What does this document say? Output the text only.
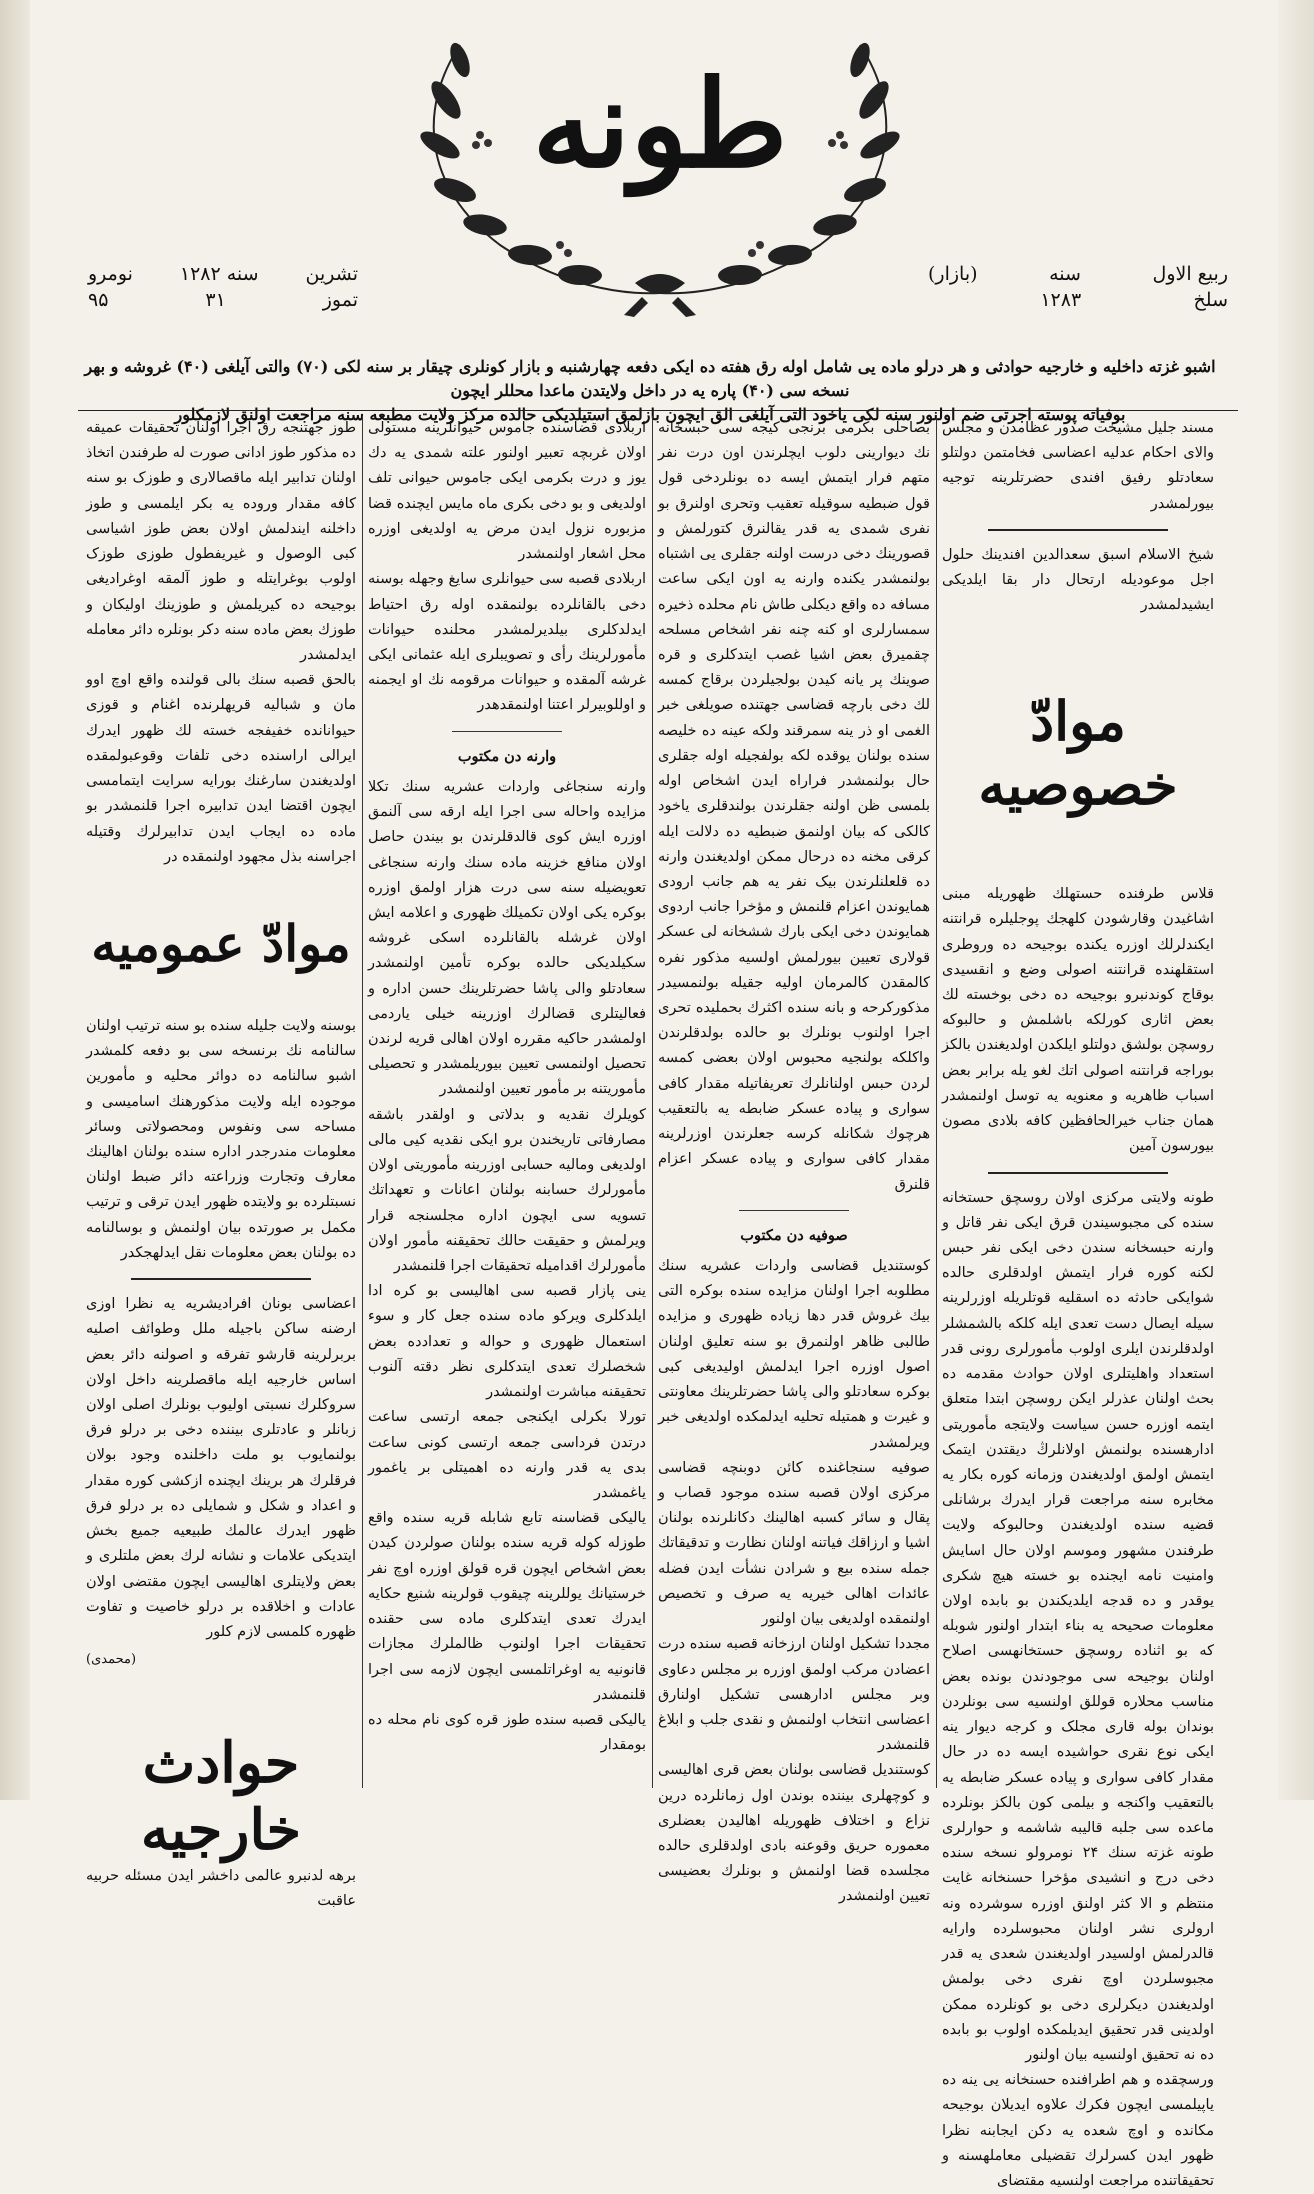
طونه
تشرین
سنه ۱۲۸۲
نومرو
تموز
۳۱
۹۵
ربیع الاول
سنه
(بازار)
سلخ
۱۲۸۳
اشبو غزته داخلیه و خارجیه حوادثی و هر درلو ماده یی شامل اوله رق هفته ده ایکی دفعه چهارشنبه و بازار کونلری چیقار بر سنه لکی (۷۰) والتی آیلغی (۴۰) غروشه و بهر نسخه سی (۴۰) پاره یه در داخل ولایتدن ماعدا محللر ایچون
بوفیاته پوسته اجرتی ضم اولنور سنه لکی یاخود التی آیلغی الق ایچون بازلمق استیلدیکی حالده مرکز ولایت مطبعه سنه مراجعت اولنق لازمکلور

مسند جلیل مشیخت صدور عظامدن و مجلس والای احکام عدلیه اعضاسی فخامتمن دولتلو سعادتلو رفیق افندی حضرتلرینه توجیه بیورلمشدر

شیخ الاسلام اسبق سعدالدین افندینك حلول اجل موعودیله ارتحال دار بقا ایلدیکی ایشیدلمشدر

موادّ خصوصیه

قلاس طرفنده حستهلك ظهوریله مبنی اشاغیدن وقارشودن کلهجك پوجلیلره قرانتنه ایکندلرلك اوزره یکنده بوجیحه ده وروطری استقلهنده قرانتنه اصولی وضع و انقسیدی بوقاج کوندنبرو بوجیحه ده دخی بوخسته لك بعض اثاری کورلکه باشلمش و حالبوکه روسچن بولشق دولتلو ایلکدن اولدیغندن بالکز بوراجه قرانتنه اصولی اتك لغو یله برابر بعض اسباب ظاهریه و معنویه یه توسل اولنمشدر همان جناب خیرالحافظین کافه بلادی مصون بیورسون آمین

طونه ولایتی مرکزی اولان روسچق حستخانه سنده کی مجبوسیندن قرق ایکی نفر قاتل و وارنه حبسخانه سندن دخی ایکی نفر حبس لکنه کوره فرار ایتمش اولدقلری حالده شوایکی حادثه ده اسقلیه قوتلریله اوزرلرینه سیله ایصال دست تعدی ایله کلکه بالشمشلر اولدقلرندن ایلری اولوب مأمورلری رونی قدر استعداد واهلیتلری اولان حوادث مقدمه ده بحث اولنان عذرلر ایکن روسچن ابتدا متعلق ایتمه اوزره حسن سیاست ولایتجه مأموریتی ادارهسنده بولنمش اولانلرڭ دیقتدن ایتمک ایتمش اولمق اولدیغندن وزمانه کوره بکار یه مخابره سنه مراجعت قرار ایدرك برشانلی قضیه سنده اولدیغندن وحالبوکه ولایت طرفندن مشهور وموسم اولان حال اسایش وامنیت نامه ایجنده بو خسته هیچ شکری یوقدر و ده قدجه ایلدیکندن بو بابده اولان معلومات صحیحه یه بناء ابتدار اولنور شوبله که بو اثناده روسچق حستخانهسی اصلاح اولنان بوجیحه سی موجودندن بونده بعض مناسب محلاره قوللق اولنسیه سی بونلردن بوندان بوله قاری مجلک و کرجه دیوار ینه ایکی نوع نقری حواشیده ایسه ده در حال مقدار کافی سواری و پیاده عسکر ضابطه یه بالتعقیب واکنجه و بیلمی کون بالکز بونلرده ماعده سی جلبه قالیبه شاشمه و حوارلری طونه غزته سنك ۲۴ نومرولو نسخه سنده دخی درج و انشیدی مؤخرا حسنخانه غایت منتظم و الا کثر اولنق اوزره سوشرده ونه ارولری نشر اولنان محبوسلرده وارایه قالدرلمش اولسیدر اولدیغندن شعدی یه قدر مجبوسلردن اوچ نفری دخی بولمش اولدیغندن دیکرلری دخی بو کونلرده ممکن اولدینی قدر تحقیق ایدیلمکده اولوب بو بابده ده نه تحقیق اولنسیه بیان اولنور

ورسچقده و هم اطرافنده حسنخانه یی ینه ده یاپیلمسی ایچون فکرك علاوه ایدیلان بوجیحه مکانده و اوچ شعده یه دکن ایجابنه نظرا ظهور ایدن کسرلرك تقضیلی معاملهسنه و تحقیقاتنده مراجعت اولنسیه مقتضای

بصاحلی بکرمی برنجی کیجه سی حبسخانه نك دیوارینی دلوب ایچلرندن اون درت نفر متهم فرار ایتمش ایسه ده بونلردخی قول قول ضبطیه سوقیله تعقیب وتحری اولنرق بو نفری شمدی یه قدر یقالنرق کتورلمش و قصورینك دخی درست اولنه جقلری یی اشتباه بولنمشدر یکنده وارنه یه اون ایکی ساعت مسافه ده واقع دیکلی طاش نام محلده ذخیره سمسارلری او کنه چنه نفر اشخاص مسلحه چقمیرق بعض اشیا غصب ایتدکلری و قره صوینك پر یانه کیدن بولجیلردن برقاج کمسه لك دخی بارچه قضاسی جهتنده صویلغی خبر الغمی او ذر ینه سمرقند ولکه عینه ده خلیصه سنده بولنان یوقده لکه بولفجیله اوله جقلری حال بولنمشدر فراراه ایدن اشخاص اوله بلمسی ظن اولنه جقلرندن بولندقلری یاخود کالکی که بیان اولنمق ضبطیه ده دلالت ایله کرقی مخنه ده درحال ممکن اولدیغندن وارنه ده قلعلنلرندن بیک نفر یه هم جانب ارودی همایوندن اعزام قلنمش و مؤخرا جانب اردوی همایوندن دخی ایکی بارك ششخانه لی عسکر قولاری تعیین بیورلمش اولسیه مذکور نفره کالمقدن کالمرمان اولیه جقیله بولنمسیدر مذکورکرحه و بانه سنده اکثرك بحملیده تحری اجرا اولنوب بونلرك بو حالده بولدقلرندن واکلکه بولنجیه محبوس اولان بعضی کمسه لردن حبس اولنانلرك تعریفاتیله مقدار کافی سواری و پیاده عسکر ضابطه یه بالتعقیب هرچوك شکانله کرسه جعلرندن اوزرلرینه مقدار کافی سواری و پیاده عسکر اعزام قلنرق

صوفیه دن مکتوب

کوستندیل قضاسی واردات عشریه سنك مطلوبه اجرا اولنان مزایده سنده بوکره التی بیك غروش قدر دها زیاده ظهوری و مزایده طالبی ظاهر اولنمرق بو سنه تعلیق اولنان اصول اوزره اجرا ایدلمش اولیدیغی کبی بوکره سعادتلو والی پاشا حضرتلرینك معاونتی و غیرت و همتیله تحلیه ایدلمکده اولدیغی خبر ویرلمشدر

صوفیه سنجاغنده کائن دوبنچه قضاسی مرکزی اولان قصبه سنده موجود قصاب و پقال و سائر کسبه اهالینك دکانلرنده بولنان اشیا و ارزاقك فیاتنه اولنان نظارت و تدقیقاتك جمله سنده بیع و شرادن نشأت ایدن فضله عائدات اهالی خیریه یه صرف و تخصیص اولنمقده اولدیغی بیان اولنور

مجددا تشکیل اولنان ارزخانه قصبه سنده درت اعضادن مرکب اولمق اوزره بر مجلس دعاوی وبر مجلس ادارهسی تشکیل اولنارق اعضاسی انتخاب اولنمش و نقدی جلب و ابلاغ قلنمشدر

کوستندیل قضاسی بولنان بعض قری اهالیسی و کوچهلری بیننده بوندن اول زمانلرده درین نزاع و اختلاف ظهوریله اهالیدن بعضلری معموره حریق وقوعنه بادی اولدقلری حالده مجلسده قضا اولنمش و بونلرك بعضیسی تعیین اولنمشدر

اربلادی قضاسنده جاموس حیوانلرینه مستولی اولان غربچه تعبیر اولنور علته شمدی یه دك یوز و درت بکرمی ایکی جاموس حیوانی تلف اولدیغی و بو دخی بکری ماه مایس ایچنده قضا مزبوره نزول ایدن مرض یه اولدیغی اوزره محل اشعار اولنمشدر

اربلادی قصبه سی حیوانلری سایغ وجهله بوسنه دخی بالقانلرده بولنمقده اوله رق احتیاط ایدلدکلری بیلدیرلمشدر محلنده حیوانات مأمورلرینك رأی و تصویبلری ایله عثمانی ایکی غرشه آلمقده و حیوانات مرقومه نك او ایجمنه و اوللوبیرلر اعتنا اولنمقدهدر

وارنه دن مکتوب

وارنه سنجاغی واردات عشریه سنك تکلا مزایده واحاله سی اجرا ایله ارقه سی آلنمق اوزره ایش کوی قالدقلرندن بو بیندن حاصل اولان منافع خزینه ماده سنك وارنه سنجاغی تعویضیله سنه سی درت هزار اولمق اوزره بوکره یکی اولان تکمیلك ظهوری و اعلامه ایش اولان غرشله بالقانلرده اسکی غروشه سکیلدیکی حالده بوکره تأمین اولنمشدر سعادتلو والی پاشا حضرتلرینك حسن اداره و فعالیتلری قضالرك اوزرینه خیلی یاردمی اولمشدر حاکیه مقرره اولان اهالی قریه لرندن تحصیل اولنمسی تعیین بیوریلمشدر و تحصیلی مأموریتنه بر مأمور تعیین اولنمشدر

کویلرك نقدیه و بدلاتی و اولقدر باشقه مصارفاتی تاریخندن برو ایکی نقدیه کیی مالی اولدیغی ومالیه حسابی اوزرینه مأموریتی اولان مأمورلرك حسابنه بولنان اعانات و تعهداتك تسویه سی ایچون اداره مجلسنجه قرار ویرلمش و حقیقت حالك تحقیقنه مأمور اولان مأمورلرك اقدامیله تحقیقات اجرا قلنمشدر

ینی پازار قصبه سی اهالیسی بو کره ادا ایلدکلری ویرکو ماده سنده جعل کار و سوء استعمال ظهوری و حواله و تعدادده بعض شخصلرك تعدی ایتدکلری نظر دقته آلنوب تحقیقنه مباشرت اولنمشدر

تورلا بکرلی ایکنجی جمعه ارتسی ساعت درتدن فرداسی جمعه ارتسی کونی ساعت بدی یه قدر وارنه ده اهمیتلی بر یاغمور یاغمشدر

یالیکی قضاسنه تابع شابله قریه سنده واقع طوزله کوله قریه سنده بولنان صولردن کیدن بعض اشخاص ایچون قره قولق اوزره اوچ نفر خرستیانك یوللرینه چیقوب قولرینه شنیع حکایه ایدرك تعدی ایتدکلری ماده سی حقنده تحقیقات اجرا اولنوب ظالملرك مجازات قانونیه یه اوغراتلمسی ایچون لازمه سی اجرا قلنمشدر

یالیکی قصبه سنده طوز قره کوی نام محله ده بومقدار

طوز جهتنجه رق اجرا اولنان تحقیقات عمیقه ده مذکور طوز ادانی صورت له طرفندن اتخاذ اولنان تدابیر ایله ماقصالاری و طوزک بو سنه کافه مقدار وروده یه بکر ایلمسی و طوز داخلنه ایندلمش اولان بعض طوز اشیاسی کبی الوصول و غیریفطول طوزی طوزک اولوب بوغرایتله و طوز آلمقه اوغرادیغی بوجیحه ده کیریلمش و طوزینك اولیکان و طوزك بعض ماده سنه دکر بونلره دائر معامله ایدلمشدر

بالحق قصبه سنك بالی قولنده واقع اوچ اوو مان و شبالیه قریهلرنده اغنام و قوزی حیوانانده خفیفجه خسته لك ظهور ایدرك ایرالی اراسنده دخی تلفات وقوعبولمقده اولدیغندن سارغنك بورایه سرایت ایتمامسی ایچون اقتضا ایدن تدابیره اجرا قلنمشدر بو ماده ده ایجاب ایدن تدابیرلرك وقتیله اجراسنه بذل مجهود اولنمقده در

موادّ عمومیه

بوسنه ولایت جلیله سنده بو سنه ترتیب اولنان سالنامه نك برنسخه سی بو دفعه کلمشدر اشبو سالنامه ده دوائر محلیه و مأمورین موجوده ایله ولایت مذکورهنك اسامیسی و مساحه سی ونفوس ومحصولاتی وسائر معلومات مندرجدر اداره سنده بولنان اهالینك معارف وتجارت وزراعته دائر ضبط اولنان نسبتلرده بو ولایتده ظهور ایدن ترقی و ترتیب مکمل بر صورتده بیان اولنمش و بوسالنامه ده بولنان بعض معلومات نقل ایدلهجکدر

اعضاسی بونان افرادیشریه یه نظرا اوزی ارضنه ساکن باجیله ملل وطوائف اصلیه بربرلرینه قارشو تفرقه و اصولنه دائر بعض اساس خارجیه ایله ماقصلرینه داخل اولان سروکلرك نسبتی اولیوب بونلرك اصلی اولان زبانلر و عادتلری بیننده دخی بر درلو فرق بولنمایوب بو ملت داخلنده وجود بولان فرقلرك هر برینك ایچنده ازکشی کوره مقدار و اعداد و شکل و شمایلی ده بر درلو فرق ظهور ایدرك عالمك طبیعیه جمیع بخش ایتدیکی علامات و نشانه لرك بعض ملتلری و بعض ولایتلری اهالیسی ایچون مقتضی اولان عادات و اخلاقده بر درلو خاصیت و تفاوت ظهوره کلمسی لازم کلور

(محمدی)
حوادث خارجیه

برهه لدنبرو عالمی داخشر ایدن مسئله حربیه عاقبت
